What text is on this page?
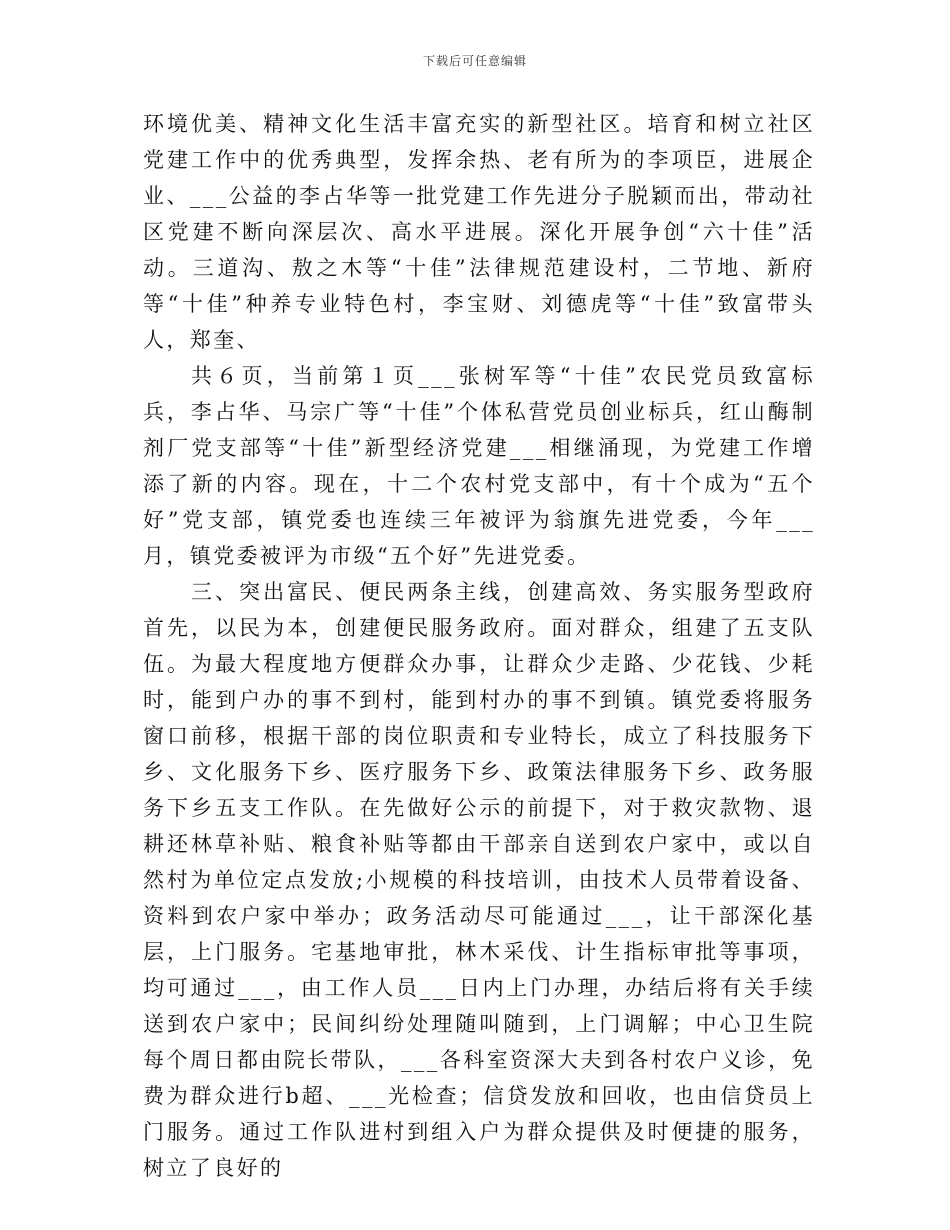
下载后可任意编辑

环境优美、精神文化生活丰富充实的新型社区。培育和树立社区党建工作中的优秀典型，发挥余热、老有所为的李项臣，进展企业、___公益的李占华等一批党建工作先进分子脱颖而出，带动社区党建不断向深层次、高水平进展。深化开展争创“六十佳”活动。三道沟、敖之木等“十佳”法律规范建设村，二节地、新府等“十佳”种养专业特色村，李宝财、刘德虎等“十佳”致富带头人，郑奎、

共６页，当前第１页___张树军等“十佳”农民党员致富标兵，李占华、马宗广等“十佳”个体私营党员创业标兵，红山酶制剂厂党支部等“十佳”新型经济党建___相继涌现，为党建工作增添了新的内容。现在，十二个农村党支部中，有十个成为“五个好”党支部，镇党委也连续三年被评为翁旗先进党委，今年___月，镇党委被评为市级“五个好”先进党委。

三、突出富民、便民两条主线，创建高效、务实服务型政府首先，以民为本，创建便民服务政府。面对群众，组建了五支队伍。为最大程度地方便群众办事，让群众少走路、少花钱、少耗时，能到户办的事不到村，能到村办的事不到镇。镇党委将服务窗口前移，根据干部的岗位职责和专业特长，成立了科技服务下乡、文化服务下乡、医疗服务下乡、政策法律服务下乡、政务服务下乡五支工作队。在先做好公示的前提下，对于救灾款物、退耕还林草补贴、粮食补贴等都由干部亲自送到农户家中，或以自然村为单位定点发放;小规模的科技培训，由技术人员带着设备、资料到农户家中举办；政务活动尽可能通过___，让干部深化基层，上门服务。宅基地审批，林木采伐、计生指标审批等事项，均可通过___，由工作人员___日内上门办理，办结后将有关手续送到农户家中；民间纠纷处理随叫随到，上门调解；中心卫生院每个周日都由院长带队，___各科室资深大夫到各村农户义诊，免费为群众进行b超、___光检查；信贷发放和回收，也由信贷员上门服务。通过工作队进村到组入户为群众提供及时便捷的服务，树立了良好的
